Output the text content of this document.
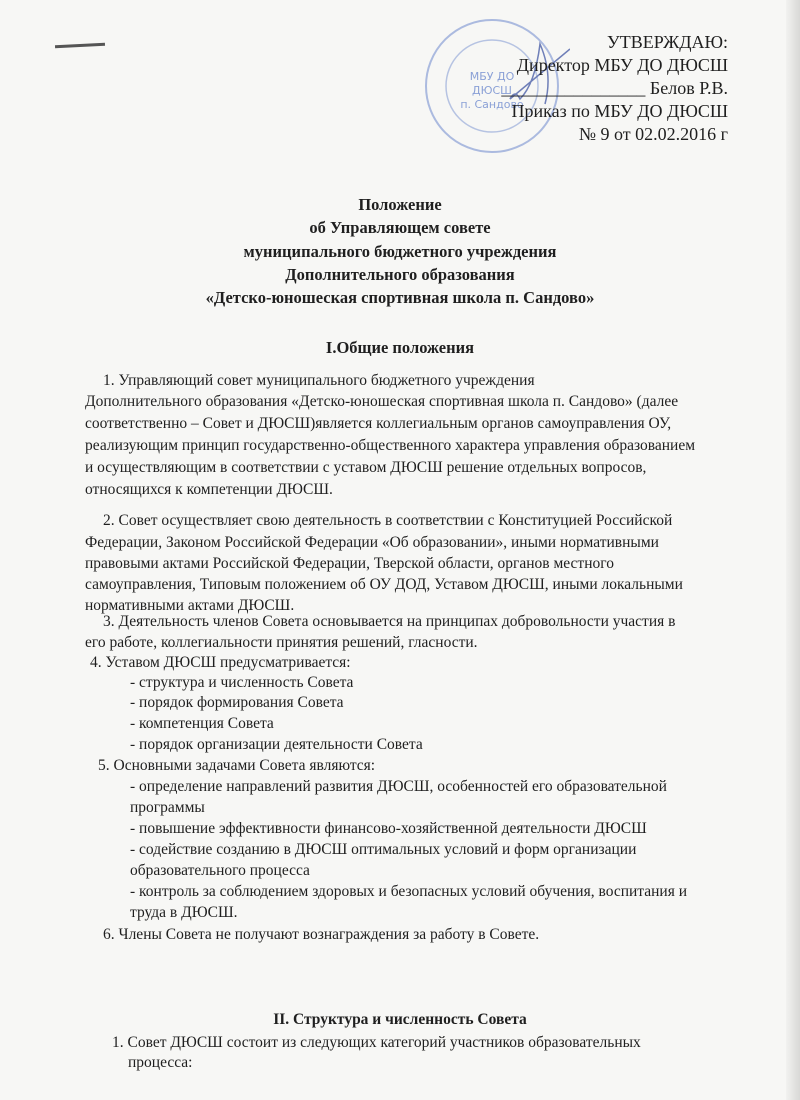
МБУ ДО
ДЮСШ
п. Сандово
УТВЕРЖДАЮ:
Директор МБУ ДО ДЮСШ
________________ Белов Р.В.
Приказ по МБУ ДО ДЮСШ
№ 9 от 02.02.2016 г
Положение
об Управляющем совете
муниципального бюджетного учреждения
Дополнительного образования
«Детско-юношеская спортивная школа п. Сандово»
I.Общие положения
1. Управляющий совет муниципального бюджетного учреждения
Дополнительного образования «Детско-юношеская спортивная школа п. Сандово» (далее
соответственно – Совет и ДЮСШ)является коллегиальным органов самоуправления ОУ,
реализующим принцип государственно-общественного характера управления образованием
и осуществляющим в соответствии с уставом ДЮСШ решение отдельных вопросов,
относящихся к компетенции ДЮСШ.
2. Совет осуществляет свою деятельность в соответствии с Конституцией Российской
Федерации, Законом Российской Федерации «Об образовании», иными нормативными
правовыми актами Российской Федерации, Тверской области, органов местного
самоуправления, Типовым положением об ОУ ДОД, Уставом ДЮСШ, иными локальными
нормативными актами ДЮСШ.
3. Деятельность членов Совета основывается на принципах добровольности участия в
его работе, коллегиальности принятия решений, гласности.
4. Уставом ДЮСШ предусматривается:
- структура и численность Совета
- порядок формирования Совета
- компетенция Совета
- порядок организации деятельности Совета
5. Основными задачами Совета являются:
- определение направлений развития ДЮСШ, особенностей его образовательной
программы
- повышение эффективности финансово-хозяйственной деятельности ДЮСШ
- содействие созданию в ДЮСШ оптимальных условий и форм организации
образовательного процесса
- контроль за соблюдением здоровых и безопасных условий обучения, воспитания и
труда в ДЮСШ.
6. Члены Совета не получают вознаграждения за работу в Совете.
II. Структура и численность Совета
1. Совет ДЮСШ состоит из следующих категорий участников образовательных
процесса:
